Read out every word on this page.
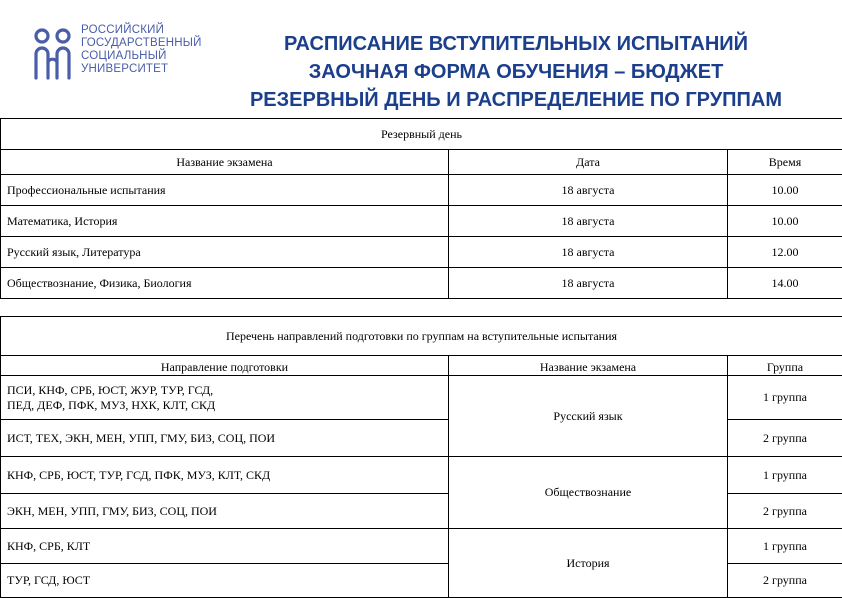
РОССИЙСКИЙ
ГОСУДАРСТВЕННЫЙ
СОЦИАЛЬНЫЙ
УНИВЕРСИТЕТ
РАСПИСАНИЕ ВСТУПИТЕЛЬНЫХ ИСПЫТАНИЙ
ЗАОЧНАЯ ФОРМА ОБУЧЕНИЯ – БЮДЖЕТ
РЕЗЕРВНЫЙ ДЕНЬ И РАСПРЕДЕЛЕНИЕ ПО ГРУППАМ
Резервный день		
Название экзамена	Дата	Время
Профессиональные испытания	18 августа	10.00
Математика, История	18 августа	10.00
Русский язык, Литература	18 августа	12.00
Обществознание, Физика, Биология	18 августа	14.00
Перечень направлений подготовки по группам на вступительные испытания		
Направление подготовки	Название экзамена	Группа

ПСИ, КНФ, СРБ, ЮСТ, ЖУР, ТУР, ГСД,
ПЕД, ДЕФ, ПФК, МУЗ, НХК, КЛТ, СКД	Русский язык	1 группа

ИСТ, ТЕХ, ЭКН, МЕН, УПП, ГМУ, БИЗ, СОЦ, ПОИ		2 группа

КНФ, СРБ, ЮСТ, ТУР, ГСД, ПФК, МУЗ, КЛТ, СКД	Обществознание	1 группа

ЭКН, МЕН, УПП, ГМУ, БИЗ, СОЦ, ПОИ		2 группа

КНФ, СРБ, КЛТ	История	1 группа

ТУР, ГСД, ЮСТ		2 группа
